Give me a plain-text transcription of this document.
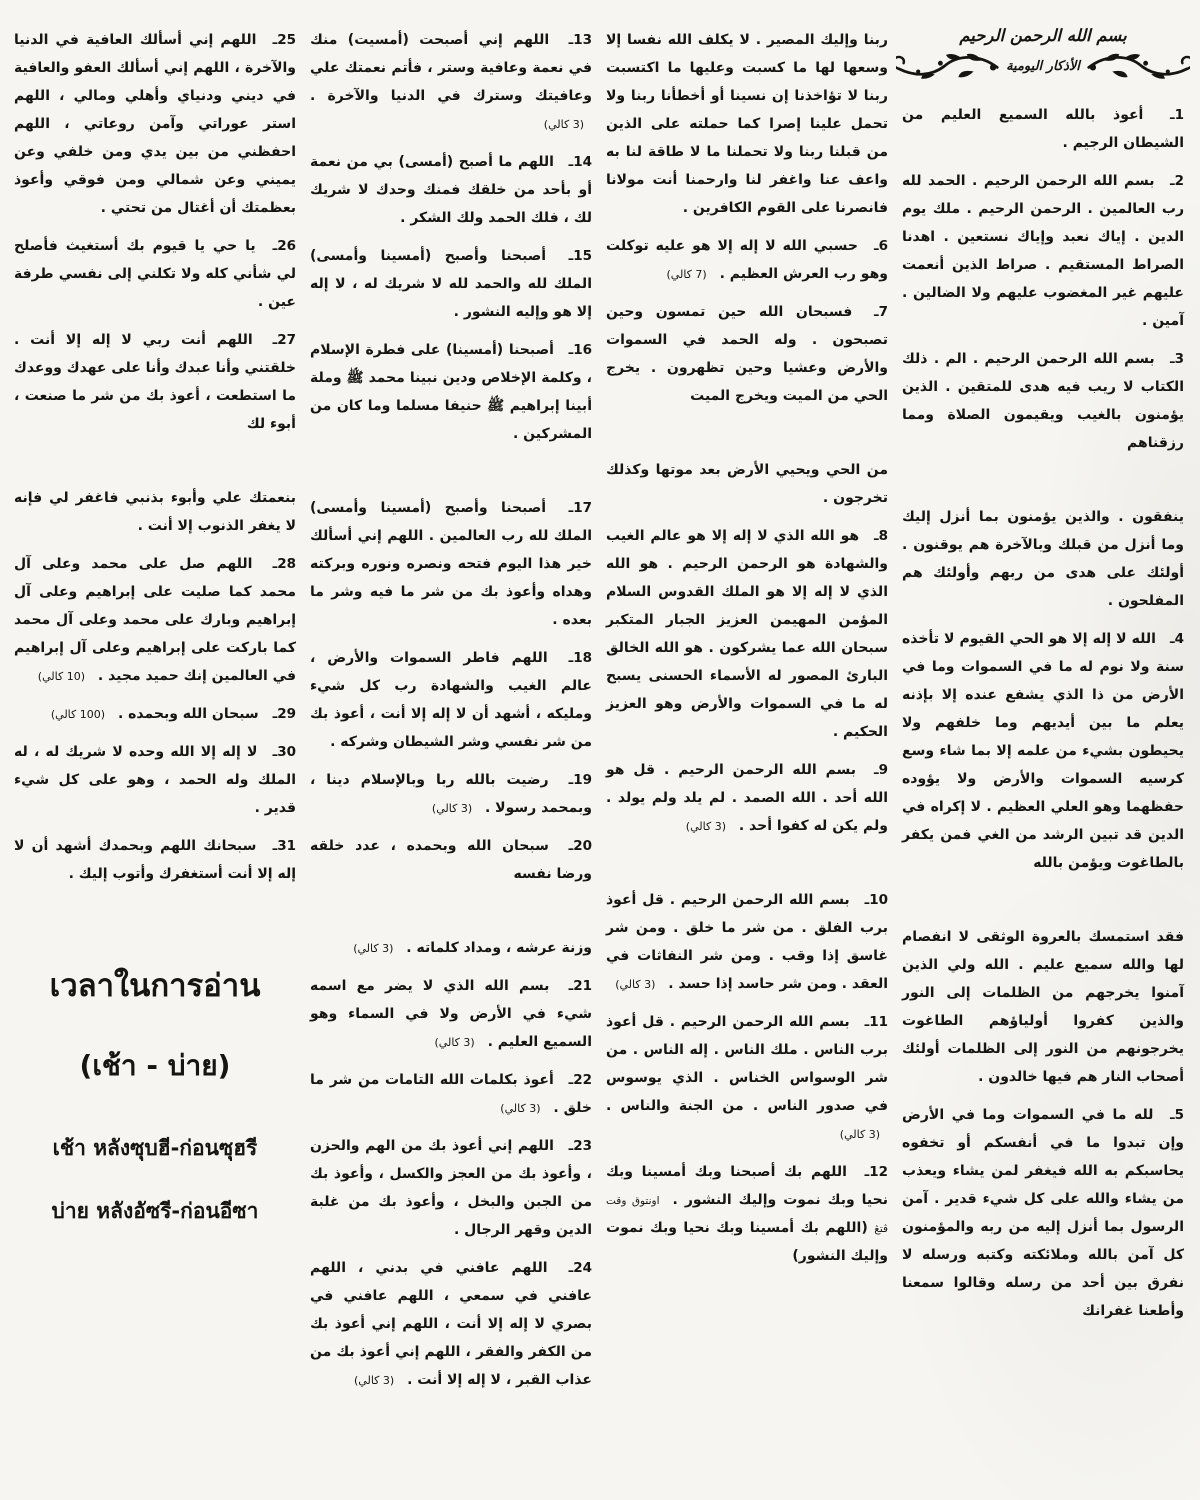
بسم الله الرحمن الرحيم
الأذكار اليومية

1 ـ أعوذ بالله السميع العليم من الشيطان الرجيم .

2 ـ بسم الله الرحمن الرحيم . الحمد لله رب العالمين . الرحمن الرحيم . ملك يوم الدين . إياك نعبد وإياك نستعين . اهدنا الصراط المستقيم . صراط الذين أنعمت عليهم غير المغضوب عليهم ولا الضالين . آمين .

3 ـ بسم الله الرحمن الرحيم . الم . ذلك الكتاب لا ريب فيه هدى للمتقين . الذين يؤمنون بالغيب ويقيمون الصلاة ومما رزقناهم

ينفقون . والذين يؤمنون بما أنزل إليك وما أنزل من قبلك وبالآخرة هم يوقنون . أولئك على هدى من ربهم وأولئك هم المفلحون .

4 ـ الله لا إله إلا هو الحي القيوم لا تأخذه سنة ولا نوم له ما في السموات وما في الأرض من ذا الذي يشفع عنده إلا بإذنه يعلم ما بين أيديهم وما خلفهم ولا يحيطون بشيء من علمه إلا بما شاء وسع كرسيه السموات والأرض ولا يؤوده حفظهما وهو العلي العظيم . لا إكراه في الدين قد تبين الرشد من الغي فمن يكفر بالطاغوت ويؤمن بالله

فقد استمسك بالعروة الوثقى لا انفصام لها والله سميع عليم . الله ولي الذين آمنوا يخرجهم من الظلمات إلى النور والذين كفروا أولياؤهم الطاغوت يخرجونهم من النور إلى الظلمات أولئك أصحاب النار هم فيها خالدون .

5 ـ لله ما في السموات وما في الأرض وإن تبدوا ما في أنفسكم أو تخفوه يحاسبكم به الله فيغفر لمن يشاء ويعذب من يشاء والله على كل شيء قدير . آمن الرسول بما أنزل إليه من ربه والمؤمنون كل آمن بالله وملائكته وكتبه ورسله لا نفرق بين أحد من رسله وقالوا سمعنا وأطعنا غفرانك

ربنا وإليك المصير . لا يكلف الله نفسا إلا وسعها لها ما كسبت وعليها ما اكتسبت ربنا لا تؤاخذنا إن نسينا أو أخطأنا ربنا ولا تحمل علينا إصرا كما حملته على الذين من قبلنا ربنا ولا تحملنا ما لا طاقة لنا به واعف عنا واغفر لنا وارحمنا أنت مولانا فانصرنا على القوم الكافرين .

6 ـ حسبي الله لا إله إلا هو عليه توكلت وهو رب العرش العظيم . (7 كالي)

7 ـ فسبحان الله حين تمسون وحين تصبحون . وله الحمد في السموات والأرض وعشيا وحين تظهرون . يخرج الحي من الميت ويخرج الميت

من الحي ويحيي الأرض بعد موتها وكذلك تخرجون .

8 ـ هو الله الذي لا إله إلا هو عالم الغيب والشهادة هو الرحمن الرحيم . هو الله الذي لا إله إلا هو الملك القدوس السلام المؤمن المهيمن العزيز الجبار المتكبر سبحان الله عما يشركون . هو الله الخالق البارئ المصور له الأسماء الحسنى يسبح له ما في السموات والأرض وهو العزيز الحكيم .

9 ـ بسم الله الرحمن الرحيم . قل هو الله أحد . الله الصمد . لم يلد ولم يولد . ولم يكن له كفوا أحد . (3 كالي)

10 ـ بسم الله الرحمن الرحيم . قل أعوذ برب الفلق . من شر ما خلق . ومن شر غاسق إذا وقب . ومن شر النفاثات في العقد . ومن شر حاسد إذا حسد . (3 كالي)

11 ـ بسم الله الرحمن الرحيم . قل أعوذ برب الناس . ملك الناس . إله الناس . من شر الوسواس الخناس . الذي يوسوس في صدور الناس . من الجنة والناس . (3 كالي)

12 ـ اللهم بك أصبحنا وبك أمسينا وبك نحيا وبك نموت وإليك النشور . اونتوق وقت ڤتڠ (اللهم بك أمسينا وبك نحيا وبك نموت وإليك النشور)

13 ـ اللهم إني أصبحت (أمسيت) منك في نعمة وعافية وستر ، فأتم نعمتك علي وعافيتك وسترك في الدنيا والآخرة . (3 كالي)

14 ـ اللهم ما أصبح (أمسى) بي من نعمة أو بأحد من خلقك فمنك وحدك لا شريك لك ، فلك الحمد ولك الشكر .

15 ـ أصبحنا وأصبح (أمسينا وأمسى) الملك لله والحمد لله لا شريك له ، لا إله إلا هو وإليه النشور .

16 ـ أصبحنا (أمسينا) على فطرة الإسلام ، وكلمة الإخلاص ودين نبينا محمد ﷺ وملة أبينا إبراهيم ﷺ حنيفا مسلما وما كان من المشركين .

17 ـ أصبحنا وأصبح (أمسينا وأمسى) الملك لله رب العالمين . اللهم إني أسألك خير هذا اليوم فتحه ونصره ونوره وبركته وهداه وأعوذ بك من شر ما فيه وشر ما بعده .

18 ـ اللهم فاطر السموات والأرض ، عالم الغيب والشهادة رب كل شيء ومليكه ، أشهد أن لا إله إلا أنت ، أعوذ بك من شر نفسي وشر الشيطان وشركه .

19 ـ رضيت بالله ربا وبالإسلام دينا ، وبمحمد رسولا . (3 كالي)

20 ـ سبحان الله وبحمده ، عدد خلقه ورضا نفسه

وزنة عرشه ، ومداد كلماته . (3 كالي)

21 ـ بسم الله الذي لا يضر مع اسمه شيء في الأرض ولا في السماء وهو السميع العليم . (3 كالي)

22 ـ أعوذ بكلمات الله التامات من شر ما خلق . (3 كالي)

23 ـ اللهم إني أعوذ بك من الهم والحزن ، وأعوذ بك من العجز والكسل ، وأعوذ بك من الجبن والبخل ، وأعوذ بك من غلبة الدين وقهر الرجال .

24 ـ اللهم عافني في بدني ، اللهم عافني في سمعي ، اللهم عافني في بصري لا إله إلا أنت ، اللهم إني أعوذ بك من الكفر والفقر ، اللهم إني أعوذ بك من عذاب القبر ، لا إله إلا أنت . (3 كالي)

25 ـ اللهم إني أسألك العافية في الدنيا والآخرة ، اللهم إني أسألك العفو والعافية في ديني ودنياي وأهلي ومالي ، اللهم استر عوراتي وآمن روعاتي ، اللهم احفظني من بين يدي ومن خلفي وعن يميني وعن شمالي ومن فوقي وأعوذ بعظمتك أن أغتال من تحتي .

26 ـ يا حي يا قيوم بك أستغيث فأصلح لي شأني كله ولا تكلني إلى نفسي طرفة عين .

27 ـ اللهم أنت ربي لا إله إلا أنت . خلقتني وأنا عبدك وأنا على عهدك ووعدك ما استطعت ، أعوذ بك من شر ما صنعت ، أبوء لك

بنعمتك علي وأبوء بذنبي فاغفر لي فإنه لا يغفر الذنوب إلا أنت .

28 ـ اللهم صل على محمد وعلى آل محمد كما صليت على إبراهيم وعلى آل إبراهيم وبارك على محمد وعلى آل محمد كما باركت على إبراهيم وعلى آل إبراهيم في العالمين إنك حميد مجيد . (10 كالي)

29 ـ سبحان الله وبحمده . (100 كالي)

30 ـ لا إله إلا الله وحده لا شريك له ، له الملك وله الحمد ، وهو على كل شيء قدير .

31 ـ سبحانك اللهم وبحمدك أشهد أن لا إله إلا أنت أستغفرك وأتوب إليك .

เวลาในการอ่าน
(เช้า - บ่าย)
เช้า หลังซุบฮี-ก่อนซุฮรี
บ่าย หลังอัซรี-ก่อนอีซา
